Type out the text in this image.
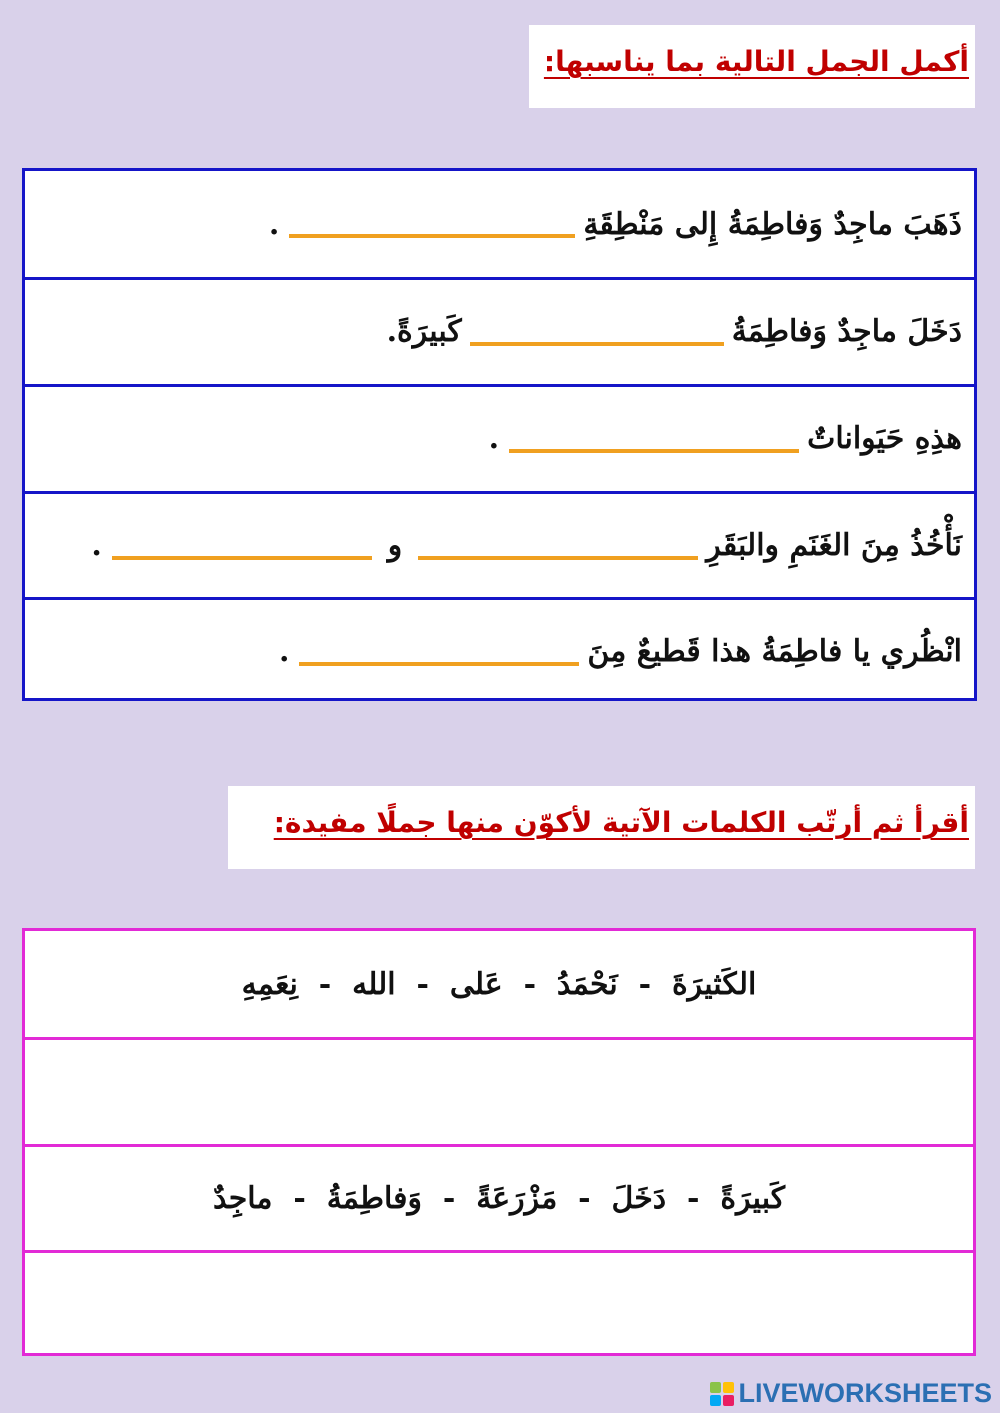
أكمل الجمل التالية بما يناسبها:
ذَهَبَ ماجِدٌ وَفاطِمَةُ إِلى مَنْطِقَةِ
.
دَخَلَ ماجِدٌ وَفاطِمَةُ
كَبيرَةً.
هذِهِ حَيَواناتٌ
.
نَأْخُذُ مِنَ الغَنَمِ والبَقَرِ
و
.
انْظُري يا فاطِمَةُ هذا قَطيعٌ مِنَ
.
أقرأ ثم أرتّب الكلمات الآتية لأكوّن منها جملًا مفيدة:
الكَثيرَةَ  -  نَحْمَدُ  -  عَلى  -  الله  -  نِعَمِهِ
كَبيرَةً  -  دَخَلَ  -  مَزْرَعَةً  -  وَفاطِمَةُ  -  ماجِدٌ
LIVEWORKSHEETS
